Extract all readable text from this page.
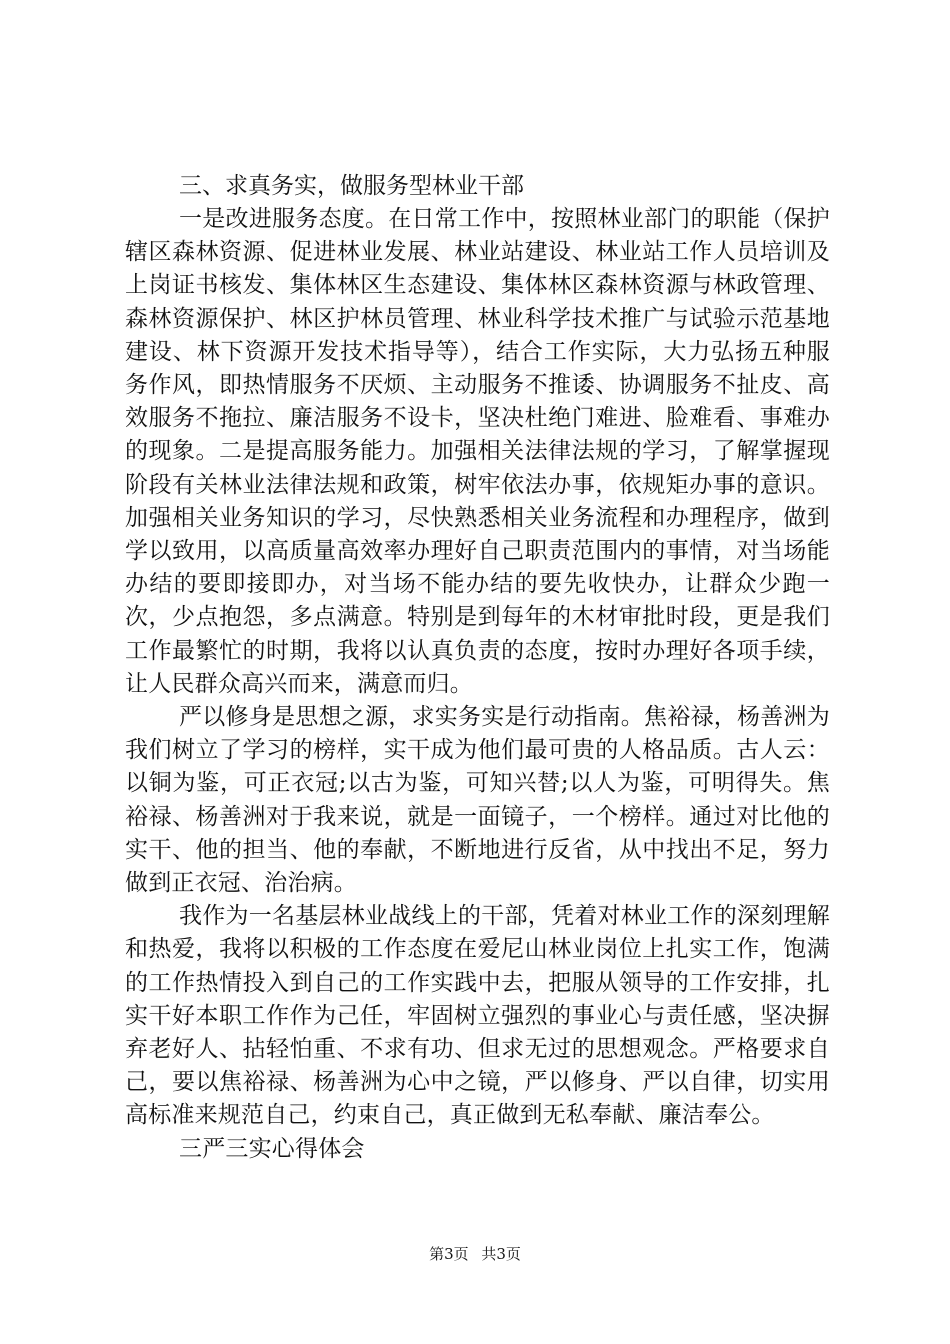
三、求真务实，做服务型林业干部

一是改进服务态度。在日常工作中，按照林业部门的职能（保护辖区森林资源、促进林业发展、林业站建设、林业站工作人员培训及上岗证书核发、集体林区生态建设、集体林区森林资源与林政管理、森林资源保护、林区护林员管理、林业科学技术推广与试验示范基地建设、林下资源开发技术指导等），结合工作实际，大力弘扬五种服务作风，即热情服务不厌烦、主动服务不推诿、协调服务不扯皮、高效服务不拖拉、廉洁服务不设卡，坚决杜绝门难进、脸难看、事难办的现象。二是提高服务能力。加强相关法律法规的学习，了解掌握现阶段有关林业法律法规和政策，树牢依法办事，依规矩办事的意识。加强相关业务知识的学习，尽快熟悉相关业务流程和办理程序，做到学以致用，以高质量高效率办理好自己职责范围内的事情，对当场能办结的要即接即办，对当场不能办结的要先收快办，让群众少跑一次，少点抱怨，多点满意。特别是到每年的木材审批时段，更是我们工作最繁忙的时期，我将以认真负责的态度，按时办理好各项手续，让人民群众高兴而来，满意而归。

严以修身是思想之源，求实务实是行动指南。焦裕禄，杨善洲为我们树立了学习的榜样，实干成为他们最可贵的人格品质。古人云：以铜为鉴，可正衣冠;以古为鉴，可知兴替;以人为鉴，可明得失。焦裕禄、杨善洲对于我来说，就是一面镜子，一个榜样。通过对比他的实干、他的担当、他的奉献，不断地进行反省，从中找出不足，努力做到正衣冠、治治病。

我作为一名基层林业战线上的干部，凭着对林业工作的深刻理解和热爱，我将以积极的工作态度在爱尼山林业岗位上扎实工作，饱满的工作热情投入到自己的工作实践中去，把服从领导的工作安排，扎实干好本职工作作为己任，牢固树立强烈的事业心与责任感，坚决摒弃老好人、拈轻怕重、不求有功、但求无过的思想观念。严格要求自己，要以焦裕禄、杨善洲为心中之镜，严以修身、严以自律，切实用高标准来规范自己，约束自己，真正做到无私奉献、廉洁奉公。

三严三实心得体会

第3页 共3页
